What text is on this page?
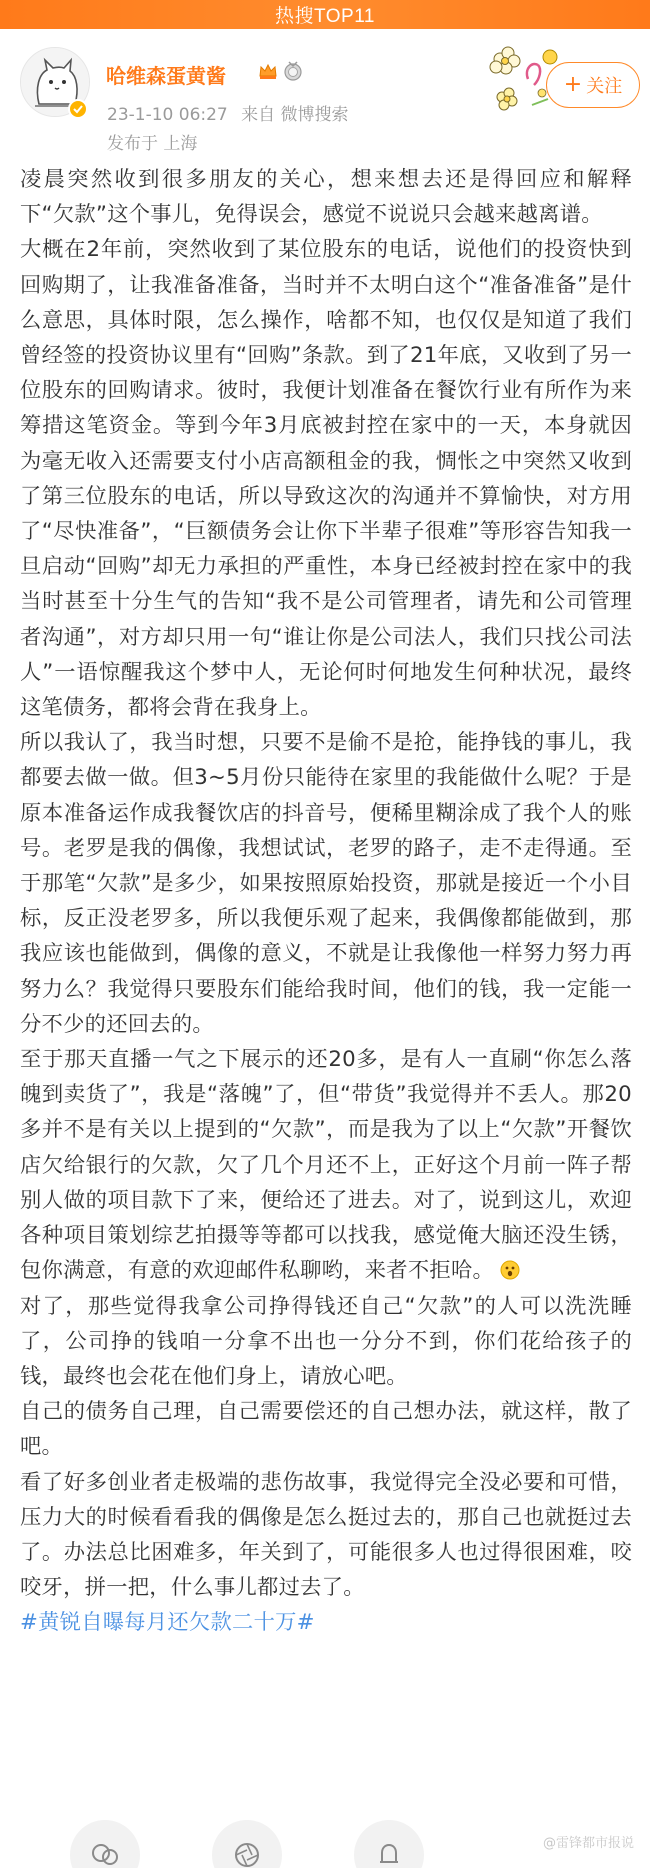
热搜TOP11
哈维森蛋黄酱
23-1-10 06:27 来自 微博搜索
发布于 上海
+ 关注

凌晨突然收到很多朋友的关心，想来想去还是得回应和解释下“欠款”这个事儿，免得误会，感觉不说说只会越来越离谱。

大概在2年前，突然收到了某位股东的电话，说他们的投资快到回购期了，让我准备准备，当时并不太明白这个“准备准备”是什么意思，具体时限，怎么操作，啥都不知，也仅仅是知道了我们曾经签的投资协议里有“回购”条款。到了21年底，又收到了另一位股东的回购请求。彼时，我便计划准备在餐饮行业有所作为来筹措这笔资金。等到今年3月底被封控在家中的一天，本身就因为毫无收入还需要支付小店高额租金的我，惆怅之中突然又收到了第三位股东的电话，所以导致这次的沟通并不算愉快，对方用了“尽快准备”，“巨额债务会让你下半辈子很难”等形容告知我一旦启动“回购”却无力承担的严重性，本身已经被封控在家中的我当时甚至十分生气的告知“我不是公司管理者，请先和公司管理者沟通”，对方却只用一句“谁让你是公司法人，我们只找公司法人”一语惊醒我这个梦中人，无论何时何地发生何种状况，最终这笔债务，都将会背在我身上。

所以我认了，我当时想，只要不是偷不是抢，能挣钱的事儿，我都要去做一做。但3~5月份只能待在家里的我能做什么呢？于是原本准备运作成我餐饮店的抖音号，便稀里糊涂成了我个人的账号。老罗是我的偶像，我想试试，老罗的路子，走不走得通。至于那笔“欠款”是多少，如果按照原始投资，那就是接近一个小目标，反正没老罗多，所以我便乐观了起来，我偶像都能做到，那我应该也能做到，偶像的意义，不就是让我像他一样努力努力再努力么？我觉得只要股东们能给我时间，他们的钱，我一定能一分不少的还回去的。

至于那天直播一气之下展示的还20多，是有人一直刷“你怎么落魄到卖货了”，我是“落魄”了，但“带货”我觉得并不丢人。那20多并不是有关以上提到的“欠款”，而是我为了以上“欠款”开餐饮店欠给银行的欠款，欠了几个月还不上，正好这个月前一阵子帮别人做的项目款下了来，便给还了进去。对了，说到这儿，欢迎各种项目策划综艺拍摄等等都可以找我，感觉俺大脑还没生锈，包你满意，有意的欢迎邮件私聊哟，来者不拒哈。

对了，那些觉得我拿公司挣得钱还自己“欠款”的人可以洗洗睡了，公司挣的钱咱一分拿不出也一分分不到，你们花给孩子的钱，最终也会花在他们身上，请放心吧。

自己的债务自己理，自己需要偿还的自己想办法，就这样，散了吧。

看了好多创业者走极端的悲伤故事，我觉得完全没必要和可惜，压力大的时候看看我的偶像是怎么挺过去的，那自己也就挺过去了。办法总比困难多，年关到了，可能很多人也过得很困难，咬咬牙，拼一把，什么事儿都过去了。

#黄锐自曝每月还欠款二十万#

@雷锋都市报说
